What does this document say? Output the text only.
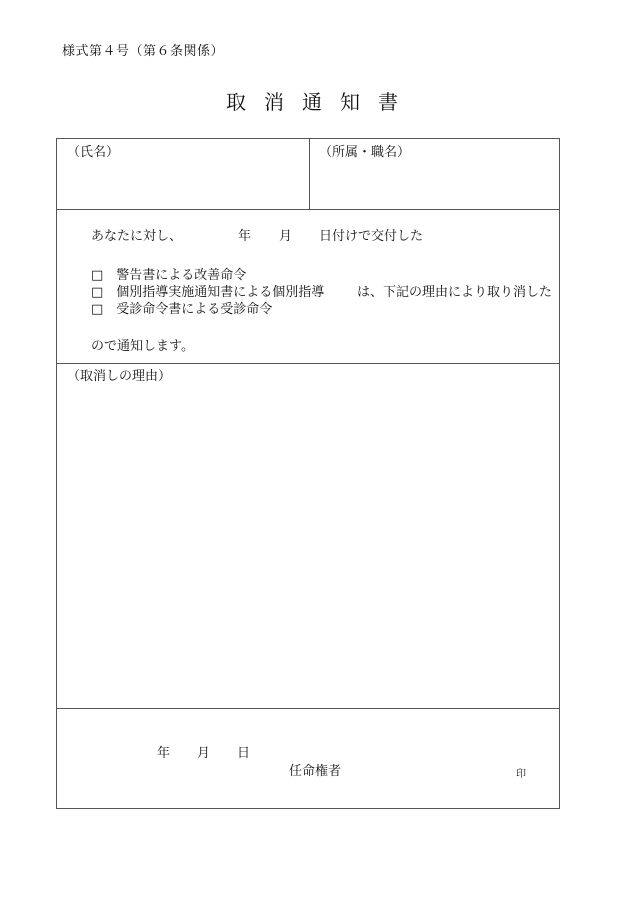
様式第４号（第６条関係）
取消通知書
（氏名）	（所属・職名）
あなたに対し、	年 月 日付けで交付した
□　警告書による改善命令
□　個別指導実施通知書による個別指導
□　受診命令書による受診命令
は、下記の理由により取り消した
ので通知します。
（取消しの理由）
年 月 日
任命権者	印
